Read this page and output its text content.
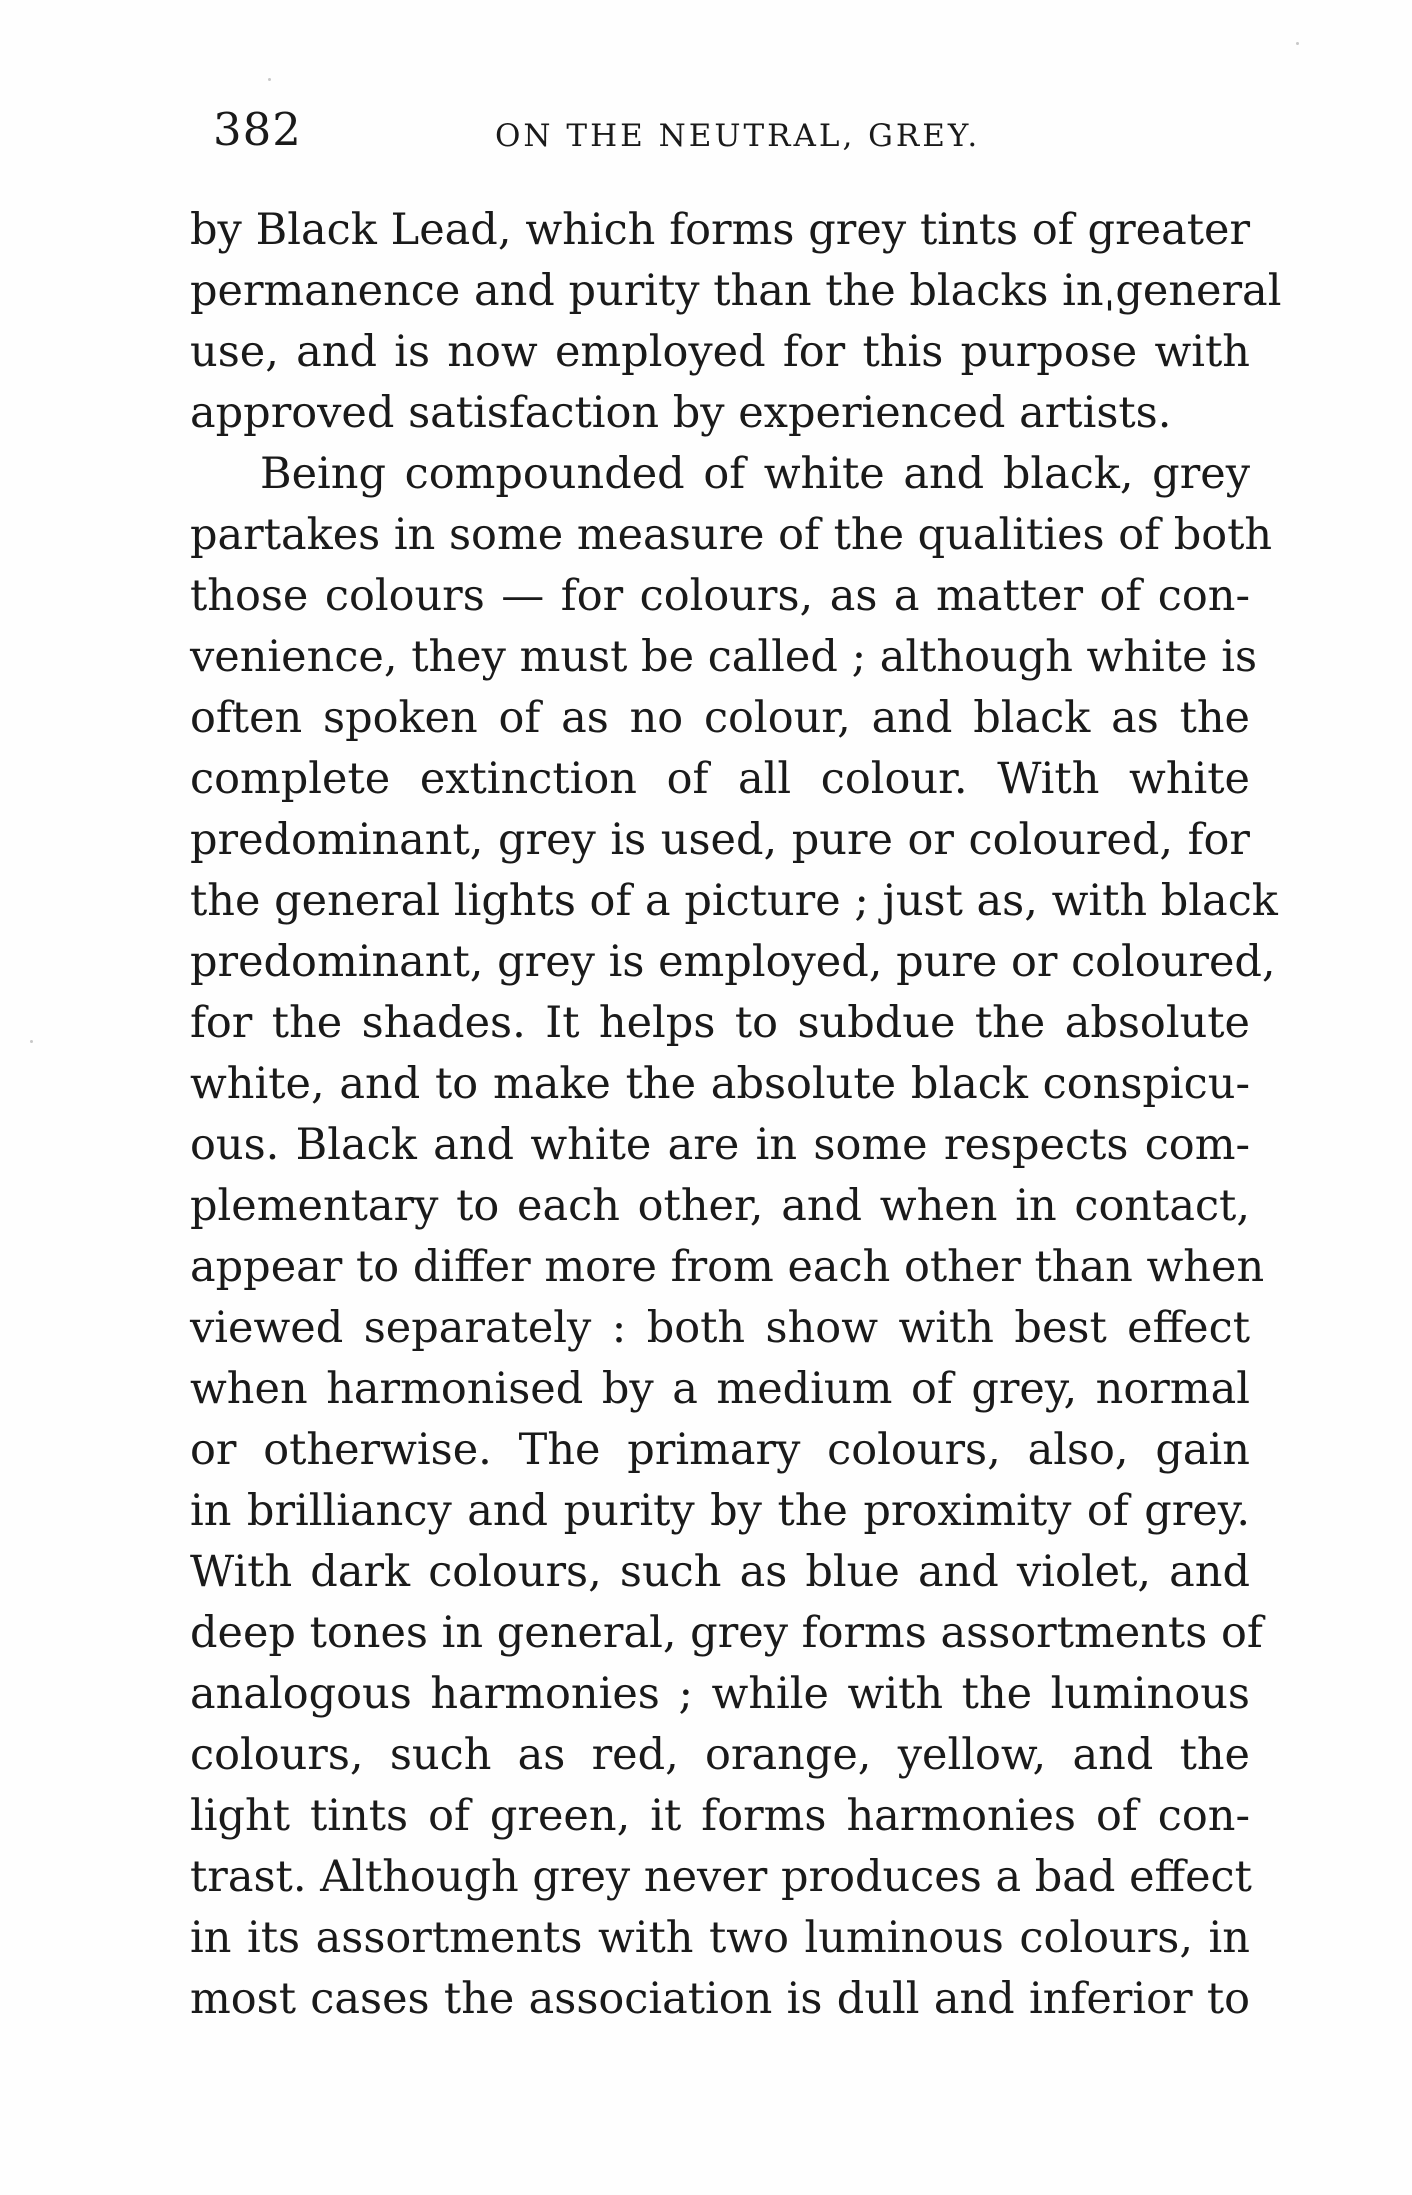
382	ON THE NEUTRAL, GREY.
by Black Lead, which forms grey tints of greater
permanence and purity than the blacks inˌgeneral
use, and is now employed for this purpose with
approved satisfaction by experienced artists.
Being compounded of white and black, grey
partakes in some measure of the qualities of both
those colours — for colours, as a matter of con-
venience, they must be called ; although white is
often spoken of as no colour, and black as the
complete extinction of all colour. With white
predominant, grey is used, pure or coloured, for
the general lights of a picture ; just as, with black
predominant, grey is employed, pure or coloured,
for the shades. It helps to subdue the absolute
white, and to make the absolute black conspicu-
ous. Black and white are in some respects com-
plementary to each other, and when in contact,
appear to differ more from each other than when
viewed separately : both show with best effect
when harmonised by a medium of grey, normal
or otherwise. The primary colours, also, gain
in brilliancy and purity by the proximity of grey.
With dark colours, such as blue and violet, and
deep tones in general, grey forms assortments of
analogous harmonies ; while with the luminous
colours, such as red, orange, yellow, and the
light tints of green, it forms harmonies of con-
trast. Although grey never produces a bad effect
in its assortments with two luminous colours, in
most cases the association is dull and inferior to
